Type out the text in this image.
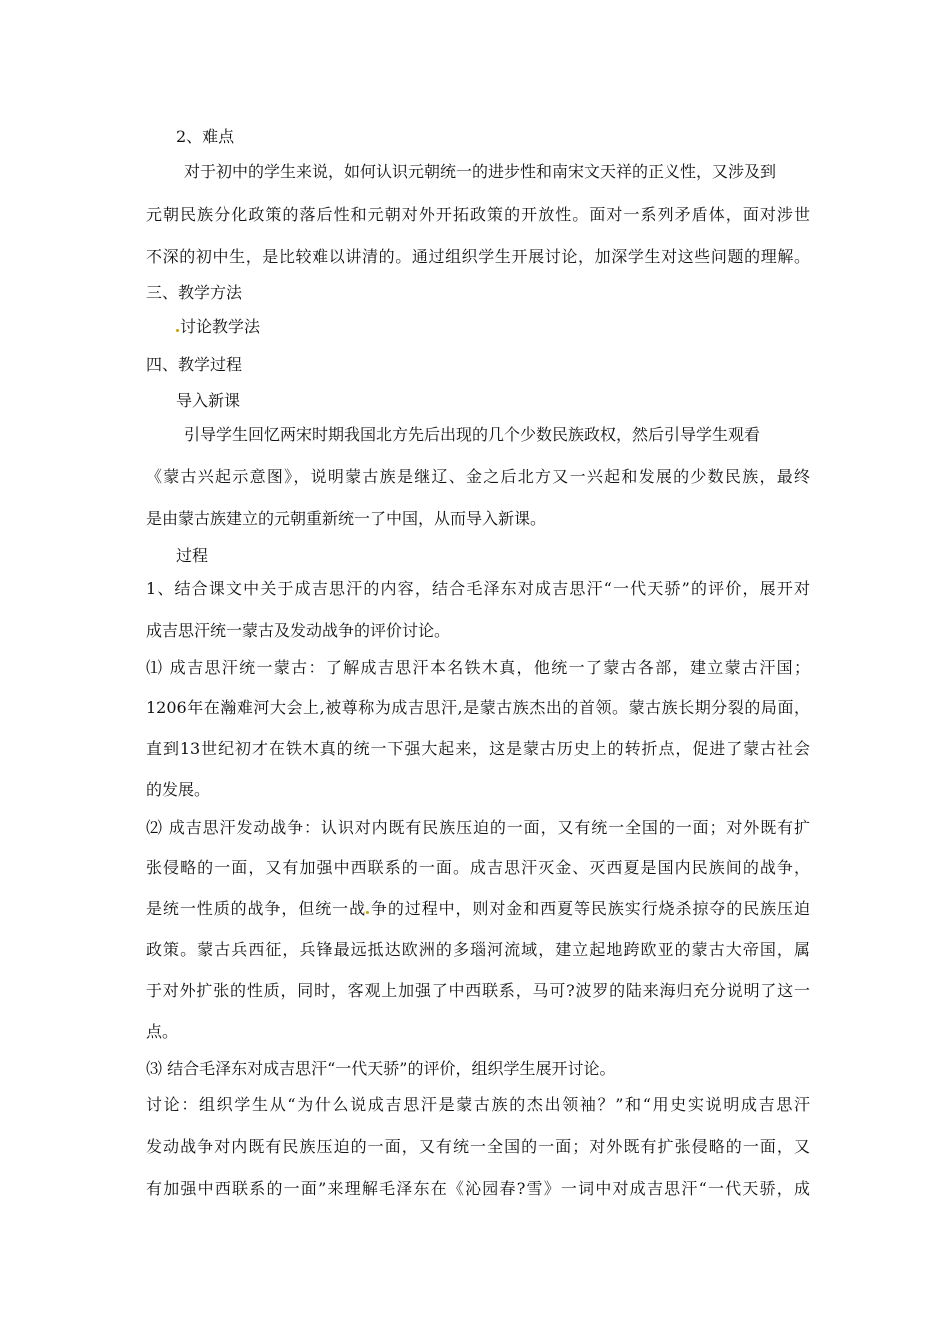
2、难点
对于初中的学生来说，如何认识元朝统一的进步性和南宋文天祥的正义性，又涉及到
元朝民族分化政策的落后性和元朝对外开拓政策的开放性。面对一系列矛盾体，面对涉世
不深的初中生，是比较难以讲清的。通过组织学生开展讨论，加深学生对这些问题的理解。
三、教学方法
讨论教学法
四、教学过程
导入新课
引导学生回忆两宋时期我国北方先后出现的几个少数民族政权，然后引导学生观看
《蒙古兴起示意图》，说明蒙古族是继辽、金之后北方又一兴起和发展的少数民族，最终
是由蒙古族建立的元朝重新统一了中国，从而导入新课。
过程
1、结合课文中关于成吉思汗的内容，结合毛泽东对成吉思汗“一代天骄”的评价，展开对
成吉思汗统一蒙古及发动战争的评价讨论。
⑴ 成吉思汗统一蒙古：了解成吉思汗本名铁木真，他统一了蒙古各部，建立蒙古汗国；
1206年在瀚难河大会上,被尊称为成吉思汗,是蒙古族杰出的首领。蒙古族长期分裂的局面，
直到13世纪初才在铁木真的统一下强大起来，这是蒙古历史上的转折点，促进了蒙古社会
的发展。
⑵ 成吉思汗发动战争：认识对内既有民族压迫的一面，又有统一全国的一面；对外既有扩
张侵略的一面，又有加强中西联系的一面。成吉思汗灭金、灭西夏是国内民族间的战争，
是统一性质的战争，但统一战 争的过程中，则对金和西夏等民族实行烧杀掠夺的民族压迫
政策。蒙古兵西征，兵锋最远抵达欧洲的多瑙河流域，建立起地跨欧亚的蒙古大帝国，属
于对外扩张的性质，同时，客观上加强了中西联系，马可?波罗的陆来海归充分说明了这一
点。
⑶ 结合毛泽东对成吉思汗“一代天骄”的评价，组织学生展开讨论。
讨论：组织学生从“为什么说成吉思汗是蒙古族的杰出领袖？”和“用史实说明成吉思汗
发动战争对内既有民族压迫的一面，又有统一全国的一面；对外既有扩张侵略的一面，又
有加强中西联系的一面”来理解毛泽东在《沁园春?雪》一词中对成吉思汗“一代天骄，成
